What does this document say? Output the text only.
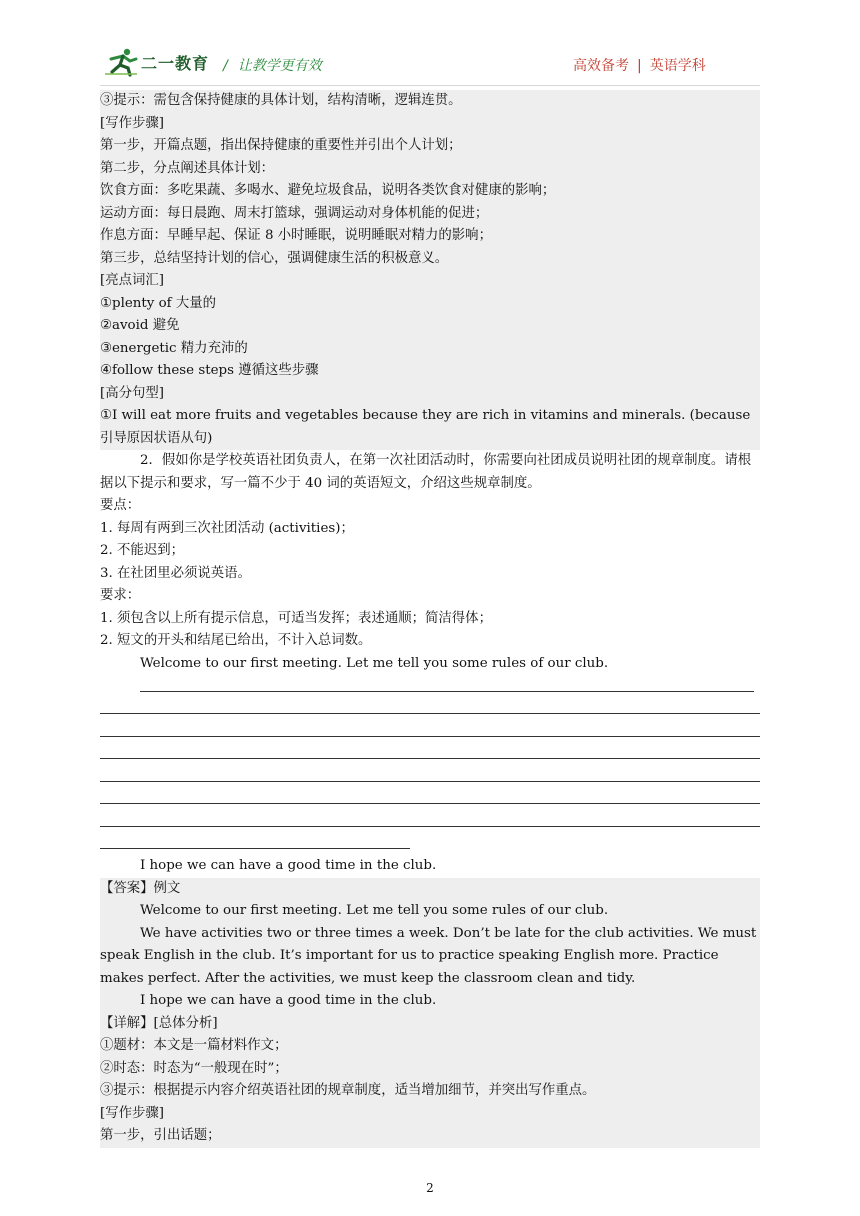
二一教育 / 让教学更有效	高效备考 | 英语学科
③提示：需包含保持健康的具体计划，结构清晰，逻辑连贯。
[写作步骤]
第一步，开篇点题，指出保持健康的重要性并引出个人计划；
第二步，分点阐述具体计划：
饮食方面：多吃果蔬、多喝水、避免垃圾食品，说明各类饮食对健康的影响；
运动方面：每日晨跑、周末打篮球，强调运动对身体机能的促进；
作息方面：早睡早起、保证 8 小时睡眠，说明睡眠对精力的影响；
第三步，总结坚持计划的信心，强调健康生活的积极意义。
[亮点词汇]
①plenty of 大量的
②avoid 避免
③energetic 精力充沛的
④follow these steps 遵循这些步骤
[高分句型]
①I will eat more fruits and vegetables because they are rich in vitamins and minerals. (because 引导原因状语从句)
2．假如你是学校英语社团负责人，在第一次社团活动时，你需要向社团成员说明社团的规章制度。请根据以下提示和要求，写一篇不少于 40 词的英语短文，介绍这些规章制度。
要点：
1. 每周有两到三次社团活动 (activities)；
2. 不能迟到；
3. 在社团里必须说英语。
要求：
1. 须包含以上所有提示信息，可适当发挥；表述通顺；简洁得体；
2. 短文的开头和结尾已给出，不计入总词数。
Welcome to our first meeting. Let me tell you some rules of our club.
I hope we can have a good time in the club.
【答案】例文
Welcome to our first meeting. Let me tell you some rules of our club.
We have activities two or three times a week. Don’t be late for the club activities. We must speak English in the club. It’s important for us to practice speaking English more. Practice makes perfect. After the activities, we must keep the classroom clean and tidy.
I hope we can have a good time in the club.
【详解】[总体分析]
①题材：本文是一篇材料作文；
②时态：时态为“一般现在时”；
③提示：根据提示内容介绍英语社团的规章制度，适当增加细节，并突出写作重点。
[写作步骤]
第一步，引出话题；
2
